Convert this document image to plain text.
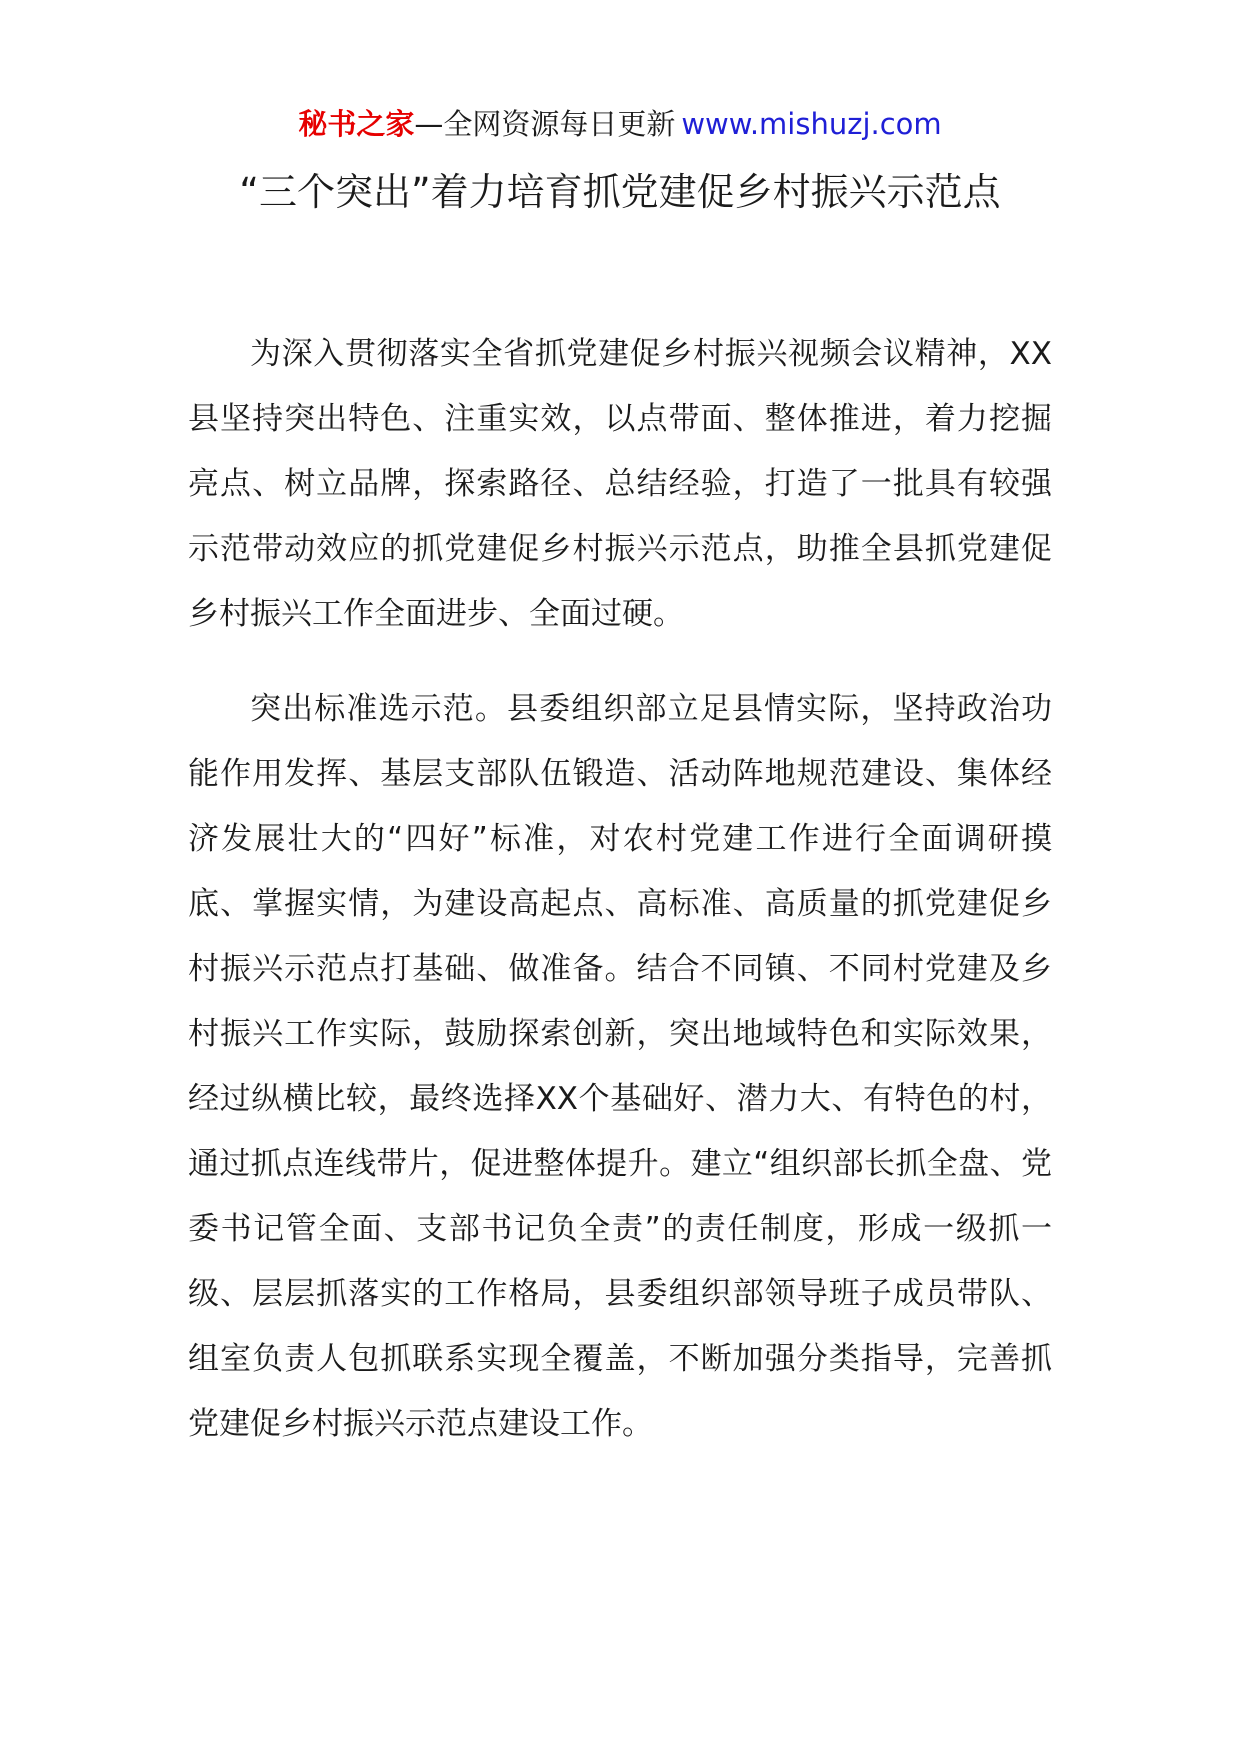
秘书之家—全网资源每日更新 www.mishuzj.com
“三个突出”着力培育抓党建促乡村振兴示范点

为深入贯彻落实全省抓党建促乡村振兴视频会议精神，XX县坚持突出特色、注重实效，以点带面、整体推进，着力挖掘亮点、树立品牌，探索路径、总结经验，打造了一批具有较强示范带动效应的抓党建促乡村振兴示范点，助推全县抓党建促乡村振兴工作全面进步、全面过硬。

突出标准选示范。县委组织部立足县情实际，坚持政治功能作用发挥、基层支部队伍锻造、活动阵地规范建设、集体经济发展壮大的“四好”标准，对农村党建工作进行全面调研摸底、掌握实情，为建设高起点、高标准、高质量的抓党建促乡村振兴示范点打基础、做准备。结合不同镇、不同村党建及乡村振兴工作实际，鼓励探索创新，突出地域特色和实际效果，经过纵横比较，最终选择XX个基础好、潜力大、有特色的村，通过抓点连线带片，促进整体提升。建立“组织部长抓全盘、党委书记管全面、支部书记负全责”的责任制度，形成一级抓一级、层层抓落实的工作格局，县委组织部领导班子成员带队、组室负责人包抓联系实现全覆盖，不断加强分类指导，完善抓党建促乡村振兴示范点建设工作。
